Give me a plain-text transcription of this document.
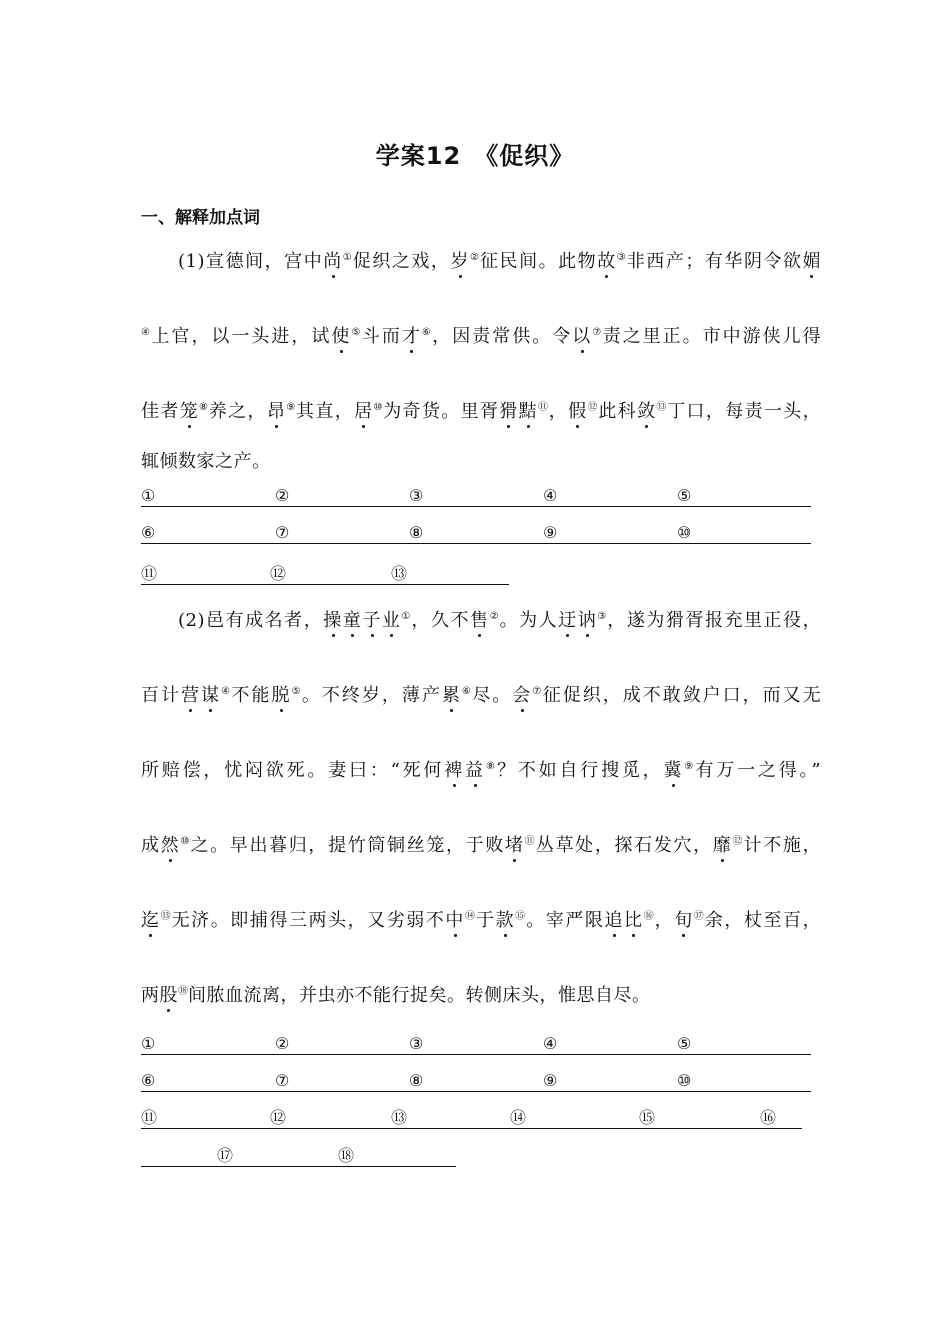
学案12　《促织》
一、解释加点词
(1)宣德间，宫中尚①促织之戏，岁②征民间。此物故③非西产；有华阴令欲媚
④上官，以一头进，试使⑤斗而才⑥，因责常供。令以⑦责之里正。市中游侠儿得
佳者笼⑧养之，昂⑨其直，居⑩为奇货。里胥猾黠⑪，假⑫此科敛⑬丁口，每责一头，
辄倾数家之产。
①	②	③	④	⑤
⑥	⑦	⑧	⑨	⑩
⑪	⑫	⑬
(2)邑有成名者，操童子业①，久不售②。为人迂讷③，遂为猾胥报充里正役，
百计营谋④不能脱⑤。不终岁，薄产累⑥尽。会⑦征促织，成不敢敛户口，而又无
所赔偿，忧闷欲死。妻曰：“死何裨益⑧？不如自行搜觅，冀⑨有万一之得。”
成然⑩之。早出暮归，提竹筒铜丝笼，于败堵⑪丛草处，探石发穴，靡⑫计不施，
迄⑬无济。即捕得三两头，又劣弱不中⑭于款⑮。宰严限追比⑯，旬⑰余，杖至百，
两股⑱间脓血流离，并虫亦不能行捉矣。转侧床头，惟思自尽。
①	②	③	④	⑤
⑥	⑦	⑧	⑨	⑩
⑪	⑫	⑬	⑭	⑮	⑯
⑰	⑱
